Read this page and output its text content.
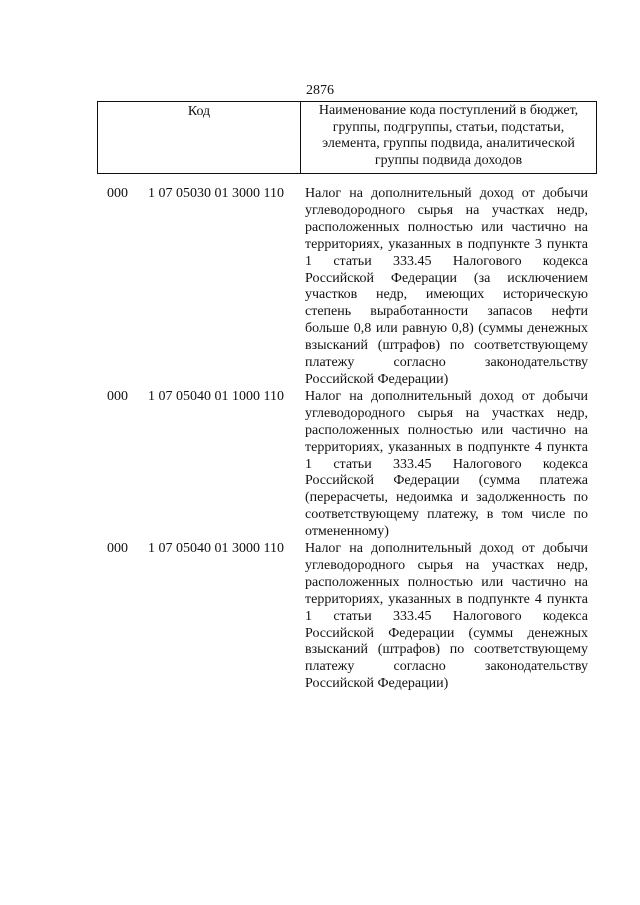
2876
Код	Наименование кода поступлений в бюджет,
группы, подгруппы, статьи, подстатьи,
элемента, группы подвида, аналитической
группы подвида доходов
000 1 07 05030 01 3000 110 Налог на дополнительный доход от добычи
углеводородного сырья на участках недр,
расположенных полностью или частично на
территориях, указанных в подпункте 3 пункта
1 статьи 333.45 Налогового кодекса
Российской Федерации (за исключением
участков недр, имеющих историческую
степень выработанности запасов нефти
больше 0,8 или равную 0,8) (суммы денежных
взысканий (штрафов) по соответствующему
платежу согласно законодательству
Российской Федерации)
000 1 07 05040 01 1000 110 Налог на дополнительный доход от добычи
углеводородного сырья на участках недр,
расположенных полностью или частично на
территориях, указанных в подпункте 4 пункта
1 статьи 333.45 Налогового кодекса
Российской Федерации (сумма платежа
(перерасчеты, недоимка и задолженность по
соответствующему платежу, в том числе по
отмененному)
000 1 07 05040 01 3000 110 Налог на дополнительный доход от добычи
углеводородного сырья на участках недр,
расположенных полностью или частично на
территориях, указанных в подпункте 4 пункта
1 статьи 333.45 Налогового кодекса
Российской Федерации (суммы денежных
взысканий (штрафов) по соответствующему
платежу согласно законодательству
Российской Федерации)
